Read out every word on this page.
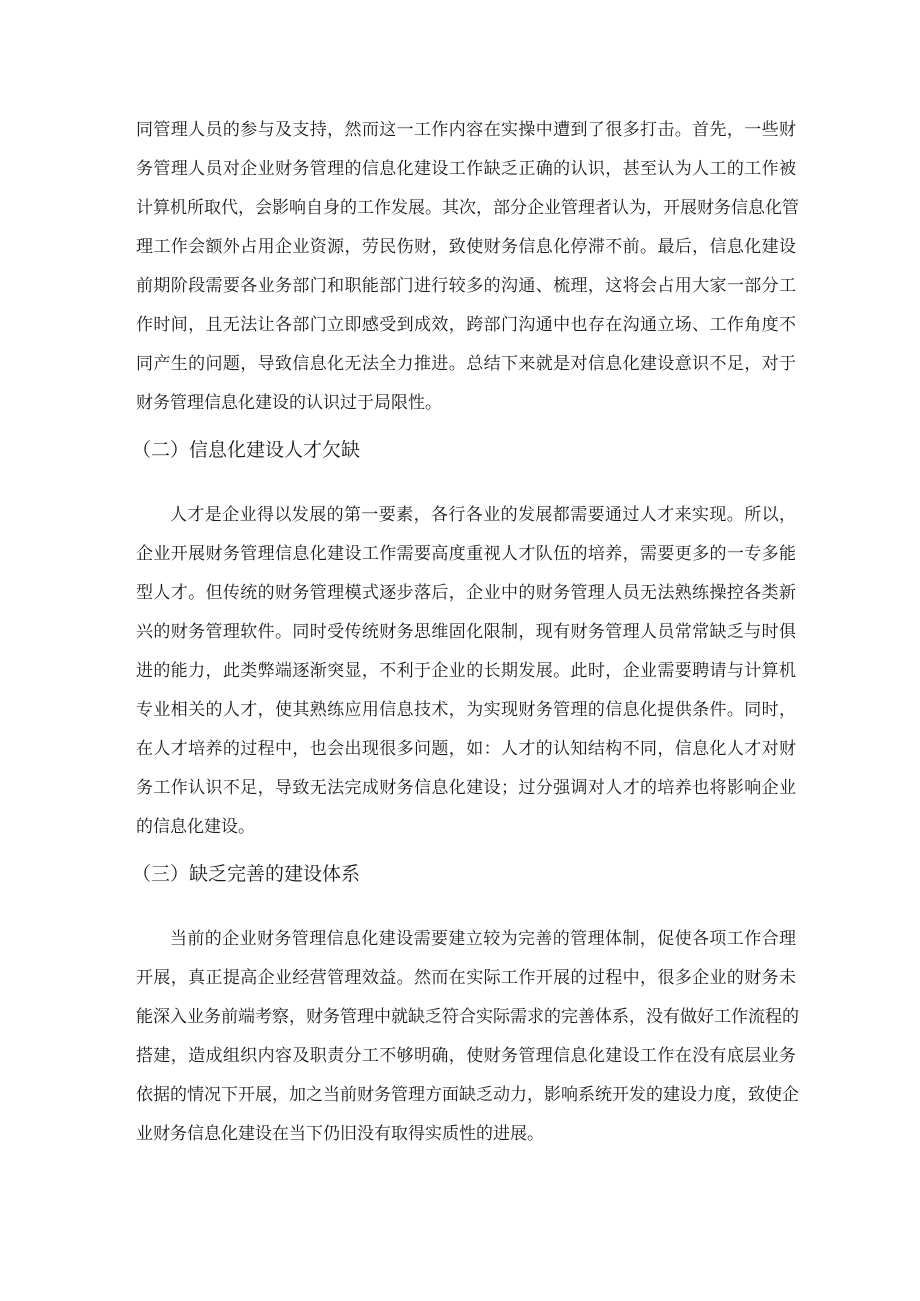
同管理人员的参与及支持，然而这一工作内容在实操中遭到了很多打击。首先，一些财
务管理人员对企业财务管理的信息化建设工作缺乏正确的认识，甚至认为人工的工作被
计算机所取代，会影响自身的工作发展。其次，部分企业管理者认为，开展财务信息化管
理工作会额外占用企业资源，劳民伤财，致使财务信息化停滞不前。最后，信息化建设
前期阶段需要各业务部门和职能部门进行较多的沟通、梳理，这将会占用大家一部分工
作时间，且无法让各部门立即感受到成效，跨部门沟通中也存在沟通立场、工作角度不
同产生的问题，导致信息化无法全力推进。总结下来就是对信息化建设意识不足，对于
财务管理信息化建设的认识过于局限性。
（二）信息化建设人才欠缺
人才是企业得以发展的第一要素，各行各业的发展都需要通过人才来实现。所以，
企业开展财务管理信息化建设工作需要高度重视人才队伍的培养，需要更多的一专多能
型人才。但传统的财务管理模式逐步落后，企业中的财务管理人员无法熟练操控各类新
兴的财务管理软件。同时受传统财务思维固化限制，现有财务管理人员常常缺乏与时俱
进的能力，此类弊端逐渐突显，不利于企业的长期发展。此时，企业需要聘请与计算机
专业相关的人才，使其熟练应用信息技术，为实现财务管理的信息化提供条件。同时，
在人才培养的过程中，也会出现很多问题，如：人才的认知结构不同，信息化人才对财
务工作认识不足，导致无法完成财务信息化建设；过分强调对人才的培养也将影响企业
的信息化建设。
（三）缺乏完善的建设体系
当前的企业财务管理信息化建设需要建立较为完善的管理体制，促使各项工作合理
开展，真正提高企业经营管理效益。然而在实际工作开展的过程中，很多企业的财务未
能深入业务前端考察，财务管理中就缺乏符合实际需求的完善体系，没有做好工作流程的
搭建，造成组织内容及职责分工不够明确，使财务管理信息化建设工作在没有底层业务
依据的情况下开展，加之当前财务管理方面缺乏动力，影响系统开发的建设力度，致使企
业财务信息化建设在当下仍旧没有取得实质性的进展。
